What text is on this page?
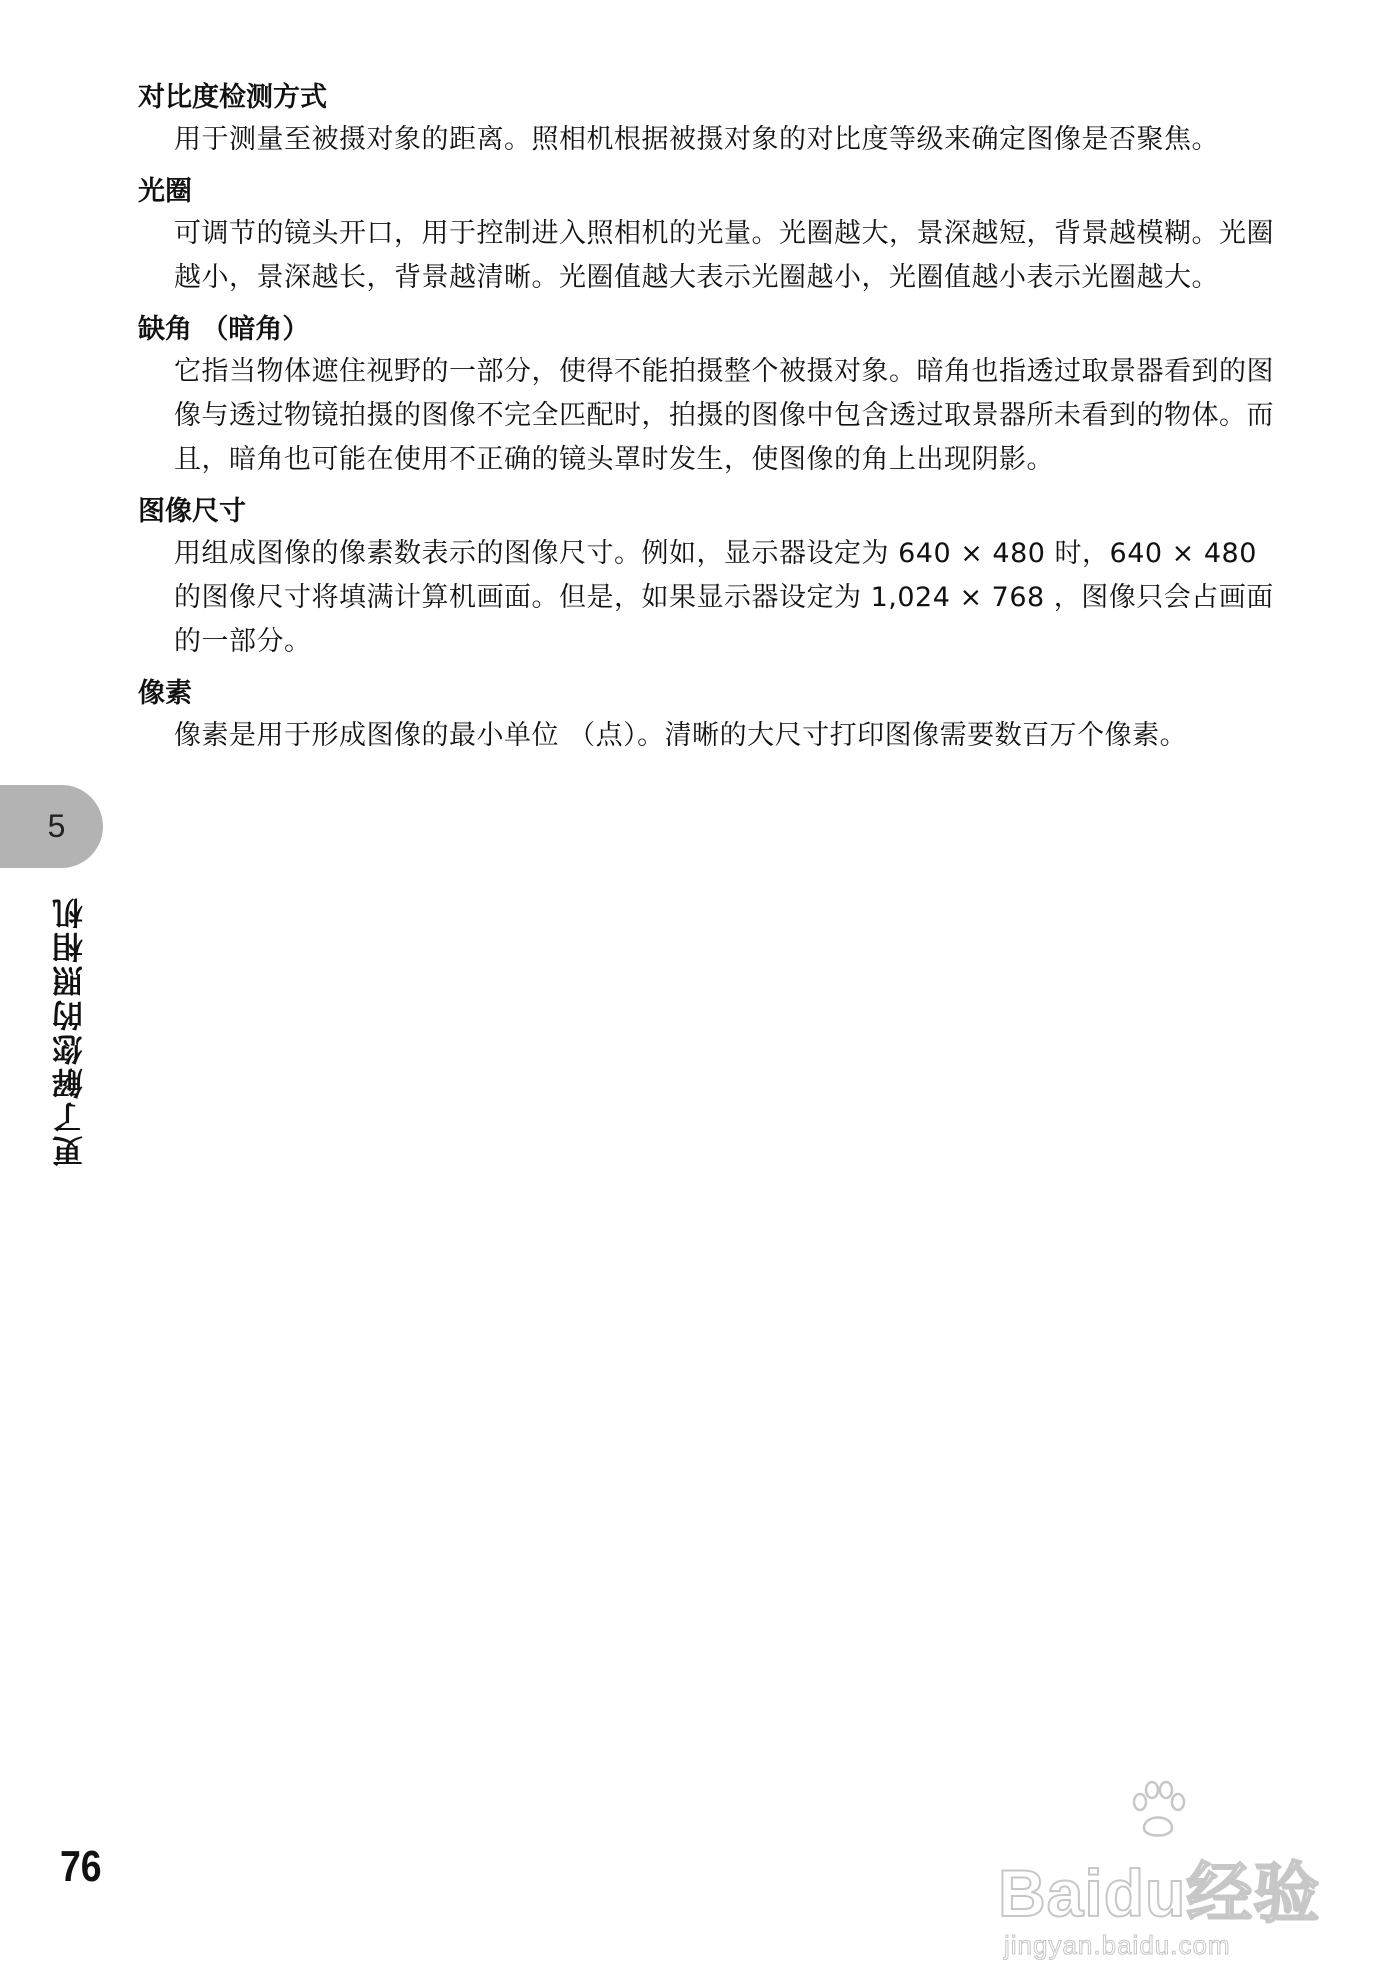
对比度检测方式

用于测量至被摄对象的距离。照相机根据被摄对象的对比度等级来确定图像是否聚焦。

光圈

可调节的镜头开口，用于控制进入照相机的光量。光圈越大，景深越短，背景越模糊。光圈越小，景深越长，背景越清晰。光圈值越大表示光圈越小，光圈值越小表示光圈越大。

缺角 （暗角）

它指当物体遮住视野的一部分，使得不能拍摄整个被摄对象。暗角也指透过取景器看到的图像与透过物镜拍摄的图像不完全匹配时，拍摄的图像中包含透过取景器所未看到的物体。而且，暗角也可能在使用不正确的镜头罩时发生，使图像的角上出现阴影。

图像尺寸

用组成图像的像素数表示的图像尺寸。例如，显示器设定为 640 × 480 时，640 × 480 的图像尺寸将填满计算机画面。但是，如果显示器设定为 1,024 × 768 ，图像只会占画面的一部分。

像素

像素是用于形成图像的最小单位 （点）。清晰的大尺寸打印图像需要数百万个像素。

5
更了解您的照相机
76	Baidu经验
jingyan.baidu.com
